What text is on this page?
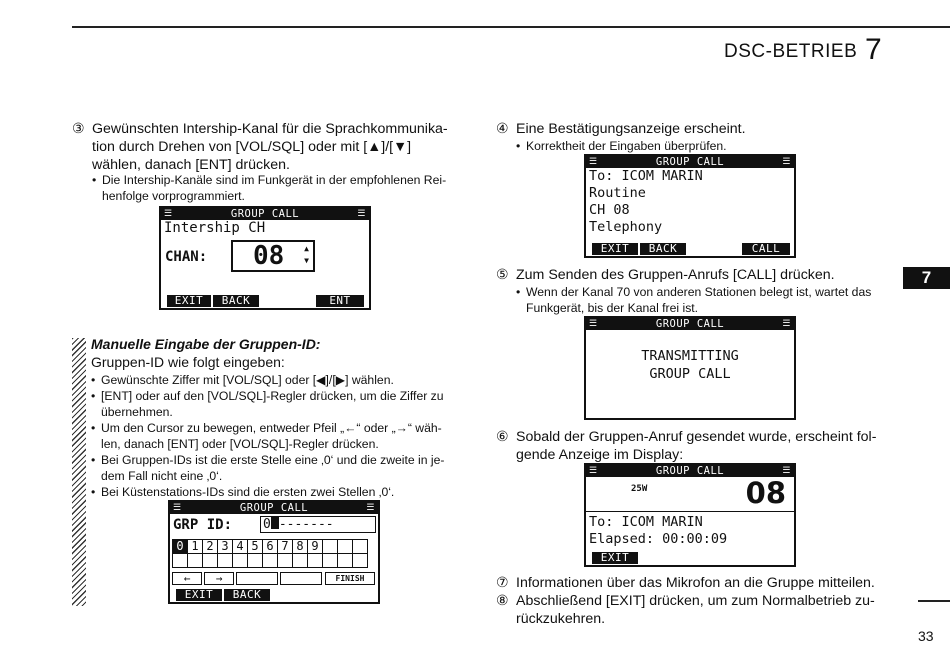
DSC-BETRIEB 7
7
33
③ Gewünschten Intership-Kanal für die Sprachkommunika-tion durch Drehen von [VOL/SQL] oder mit [▲]/[▼] wählen, danach [ENT] drücken.
• Die Intership-Kanäle sind im Funkgerät in der empfohlenen Rei-henfolge vorprogrammiert.
☰	GROUP CALL	☰
Intership CH
CHAN: 08 ▲
▼
EXIT	BACK	ENT
Manuelle Eingabe der Gruppen-ID:
Gruppen-ID wie folgt eingeben:
• Gewünschte Ziffer mit [VOL/SQL] oder [◀]/[▶] wählen.
• [ENT] oder auf den [VOL/SQL]-Regler drücken, um die Ziffer zu übernehmen.
• Um den Cursor zu bewegen, entweder Pfeil „←“ oder „→“ wäh-len, danach [ENT] oder [VOL/SQL]-Regler drücken.
• Bei Gruppen-IDs ist die erste Stelle eine ‚0‘ und die zweite in je-dem Fall nicht eine ‚0‘.
• Bei Küstenstations-IDs sind die ersten zwei Stellen ‚0‘.
☰	GROUP CALL	☰
GRP ID: 0 -------
0	1	2	3	4	5	6	7	8	9			

←	→	FINISH
EXIT	BACK
④ Eine Bestätigungsanzeige erscheint.
• Korrektheit der Eingaben überprüfen.
☰	GROUP CALL	☰
To: ICOM MARIN
Routine
CH 08
Telephony
EXIT	BACK	CALL
⑤ Zum Senden des Gruppen-Anrufs [CALL] drücken.
• Wenn der Kanal 70 von anderen Stationen belegt ist, wartet das Funkgerät, bis der Kanal frei ist.
☰	GROUP CALL	☰
TRANSMITTING
GROUP CALL
⑥ Sobald der Gruppen-Anruf gesendet wurde, erscheint fol-gende Anzeige im Display:
☰	GROUP CALL	☰
25W	08
To: ICOM MARIN
Elapsed: 00:00:09
EXIT
⑦ Informationen über das Mikrofon an die Gruppe mitteilen.
⑧ Abschließend [EXIT] drücken, um zum Normalbetrieb zu-rückzukehren.
